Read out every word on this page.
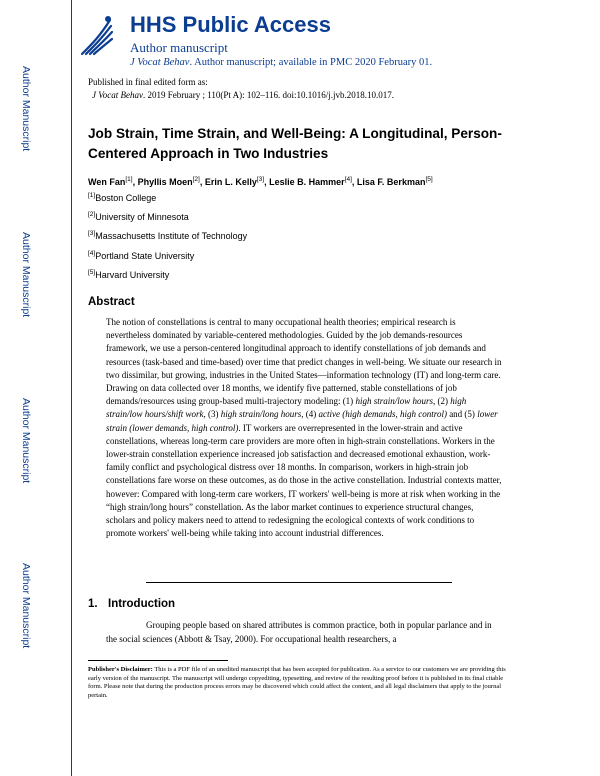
Author Manuscript
Author Manuscript
Author Manuscript
Author Manuscript
HHS Public Access
Author manuscript
J Vocat Behav. Author manuscript; available in PMC 2020 February 01.
Published in final edited form as:
J Vocat Behav. 2019 February ; 110(Pt A): 102–116. doi:10.1016/j.jvb.2018.10.017.
Job Strain, Time Strain, and Well-Being: A Longitudinal, Person-Centered Approach in Two Industries
Wen Fan[1], Phyllis Moen[2], Erin L. Kelly[3], Leslie B. Hammer[4], Lisa F. Berkman[5]
[1]Boston College
[2]University of Minnesota
[3]Massachusetts Institute of Technology
[4]Portland State University
[5]Harvard University
Abstract
The notion of constellations is central to many occupational health theories; empirical research is nevertheless dominated by variable-centered methodologies. Guided by the job demands-resources framework, we use a person-centered longitudinal approach to identify constellations of job demands and resources (task-based and time-based) over time that predict changes in well-being. We situate our research in two dissimilar, but growing, industries in the United States—information technology (IT) and long-term care. Drawing on data collected over 18 months, we identify five patterned, stable constellations of job demands/resources using group-based multi-trajectory modeling: (1) high strain/low hours, (2) high strain/low hours/shift work, (3) high strain/long hours, (4) active (high demands, high control) and (5) lower strain (lower demands, high control). IT workers are overrepresented in the lower-strain and active constellations, whereas long-term care providers are more often in high-strain constellations. Workers in the lower-strain constellation experience increased job satisfaction and decreased emotional exhaustion, work-family conflict and psychological distress over 18 months. In comparison, workers in high-strain job constellations fare worse on these outcomes, as do those in the active constellation. Industrial contexts matter, however: Compared with long-term care workers, IT workers' well-being is more at risk when working in the “high strain/long hours” constellation. As the labor market continues to experience structural changes, scholars and policy makers need to attend to redesigning the ecological contexts of work conditions to promote workers' well-being while taking into account industrial differences.
1. Introduction
Grouping people based on shared attributes is common practice, both in popular parlance and in the social sciences (Abbott & Tsay, 2000). For occupational health researchers, a
Publisher's Disclaimer: This is a PDF file of an unedited manuscript that has been accepted for publication. As a service to our customers we are providing this early version of the manuscript. The manuscript will undergo copyediting, typesetting, and review of the resulting proof before it is published in its final citable form. Please note that during the production process errors may be discovered which could affect the content, and all legal disclaimers that apply to the journal pertain.
